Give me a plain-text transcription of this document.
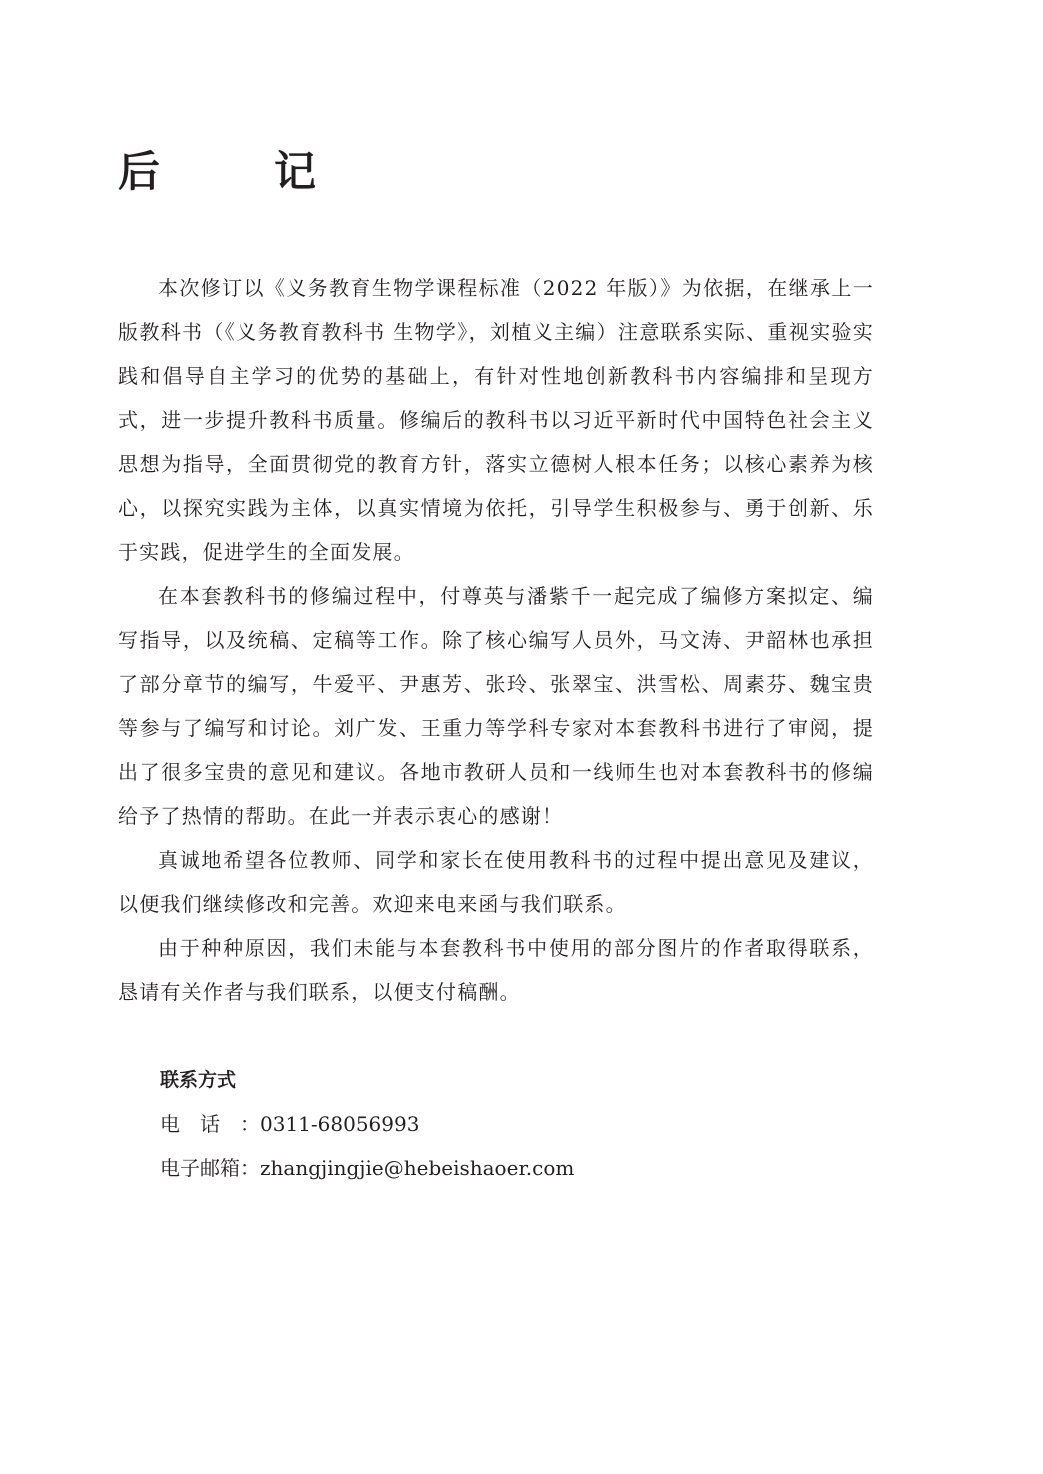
后　记

本次修订以《义务教育生物学课程标准（2022 年版）》为依据，在继承上一版教科书（《义务教育教科书 生物学》，刘植义主编）注意联系实际、重视实验实践和倡导自主学习的优势的基础上，有针对性地创新教科书内容编排和呈现方式，进一步提升教科书质量。修编后的教科书以习近平新时代中国特色社会主义思想为指导，全面贯彻党的教育方针，落实立德树人根本任务；以核心素养为核心，以探究实践为主体，以真实情境为依托，引导学生积极参与、勇于创新、乐于实践，促进学生的全面发展。

在本套教科书的修编过程中，付尊英与潘紫千一起完成了编修方案拟定、编写指导，以及统稿、定稿等工作。除了核心编写人员外，马文涛、尹韶林也承担了部分章节的编写，牛爱平、尹惠芳、张玲、张翠宝、洪雪松、周素芬、魏宝贵等参与了编写和讨论。刘广发、王重力等学科专家对本套教科书进行了审阅，提出了很多宝贵的意见和建议。各地市教研人员和一线师生也对本套教科书的修编给予了热情的帮助。在此一并表示衷心的感谢！

真诚地希望各位教师、同学和家长在使用教科书的过程中提出意见及建议，以便我们继续修改和完善。欢迎来电来函与我们联系。

由于种种原因，我们未能与本套教科书中使用的部分图片的作者取得联系，恳请有关作者与我们联系，以便支付稿酬。

联系方式

电话：0311-68056993

电子邮箱：zhangjingjie@hebeishaoer.com
